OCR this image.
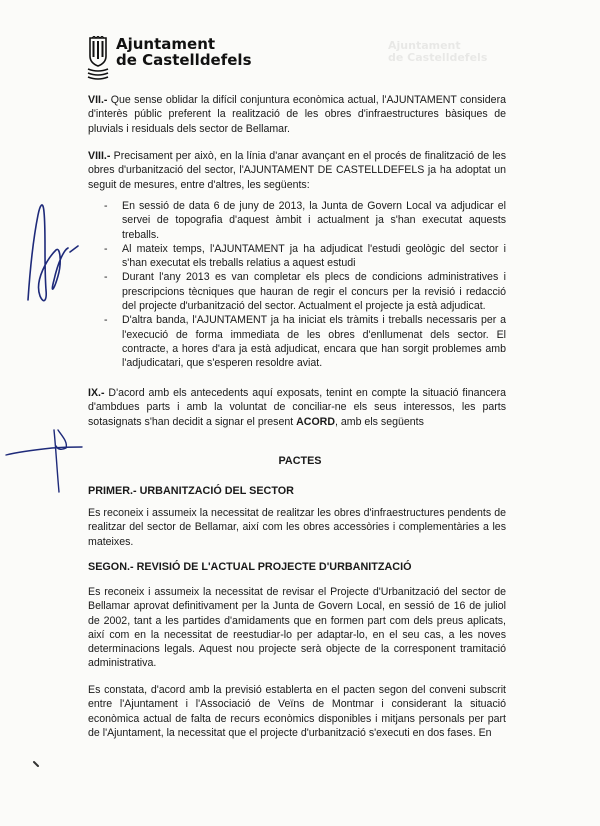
Ajuntament
de Castelldefels
Ajuntament
de Castelldefels

VII.- Que sense oblidar la difícil conjuntura econòmica actual, l'AJUNTAMENT considera d'interès públic preferent la realització de les obres d'infraestructures bàsiques de pluvials i residuals dels sector de Bellamar.

VIII.- Precisament per això, en la línia d'anar avançant en el procés de finalització de les obres d'urbanització del sector, l'AJUNTAMENT DE CASTELLDEFELS ja ha adoptat un seguit de mesures, entre d'altres, les següents:

- En sessió de data 6 de juny de 2013, la Junta de Govern Local va adjudicar el servei de topografia d'aquest àmbit i actualment ja s'han executat aquests treballs.
- Al mateix temps, l'AJUNTAMENT ja ha adjudicat l'estudi geològic del sector i s'han executat els treballs relatius a aquest estudi
- Durant l'any 2013 es van completar els plecs de condicions administratives i prescripcions tècniques que hauran de regir el concurs per la revisió i redacció del projecte d'urbanització del sector. Actualment el projecte ja està adjudicat.
- D'altra banda, l'AJUNTAMENT ja ha iniciat els tràmits i treballs necessaris per a l'execució de forma immediata de les obres d'enllumenat dels sector. El contracte, a hores d'ara ja està adjudicat, encara que han sorgit problemes amb l'adjudicatari, que s'esperen resoldre aviat.

IX.- D'acord amb els antecedents aquí exposats, tenint en compte la situació financera d'ambdues parts i amb la voluntat de conciliar-ne els seus interessos, les parts sotasignats s'han decidit a signar el present ACORD, amb els següents

PACTES
PRIMER.- URBANITZACIÓ DEL SECTOR

Es reconeix i assumeix la necessitat de realitzar les obres d'infraestructures pendents de realitzar del sector de Bellamar, així com les obres accessòries i complementàries a les mateixes.

SEGON.- REVISIÓ DE L'ACTUAL PROJECTE D'URBANITZACIÓ

Es reconeix i assumeix la necessitat de revisar el Projecte d'Urbanització del sector de Bellamar aprovat definitivament per la Junta de Govern Local, en sessió de 16 de juliol de 2002, tant a les partides d'amidaments que en formen part com dels preus aplicats, així com en la necessitat de reestudiar-lo per adaptar-lo, en el seu cas, a les noves determinacions legals. Aquest nou projecte serà objecte de la corresponent tramitació administrativa.

Es constata, d'acord amb la previsió establerta en el pacten segon del conveni subscrit entre l'Ajuntament i l'Associació de Veïns de Montmar i considerant la situació econòmica actual de falta de recurs econòmics disponibles i mitjans personals per part de l'Ajuntament, la necessitat que el projecte d'urbanització s'executi en dos fases. En
